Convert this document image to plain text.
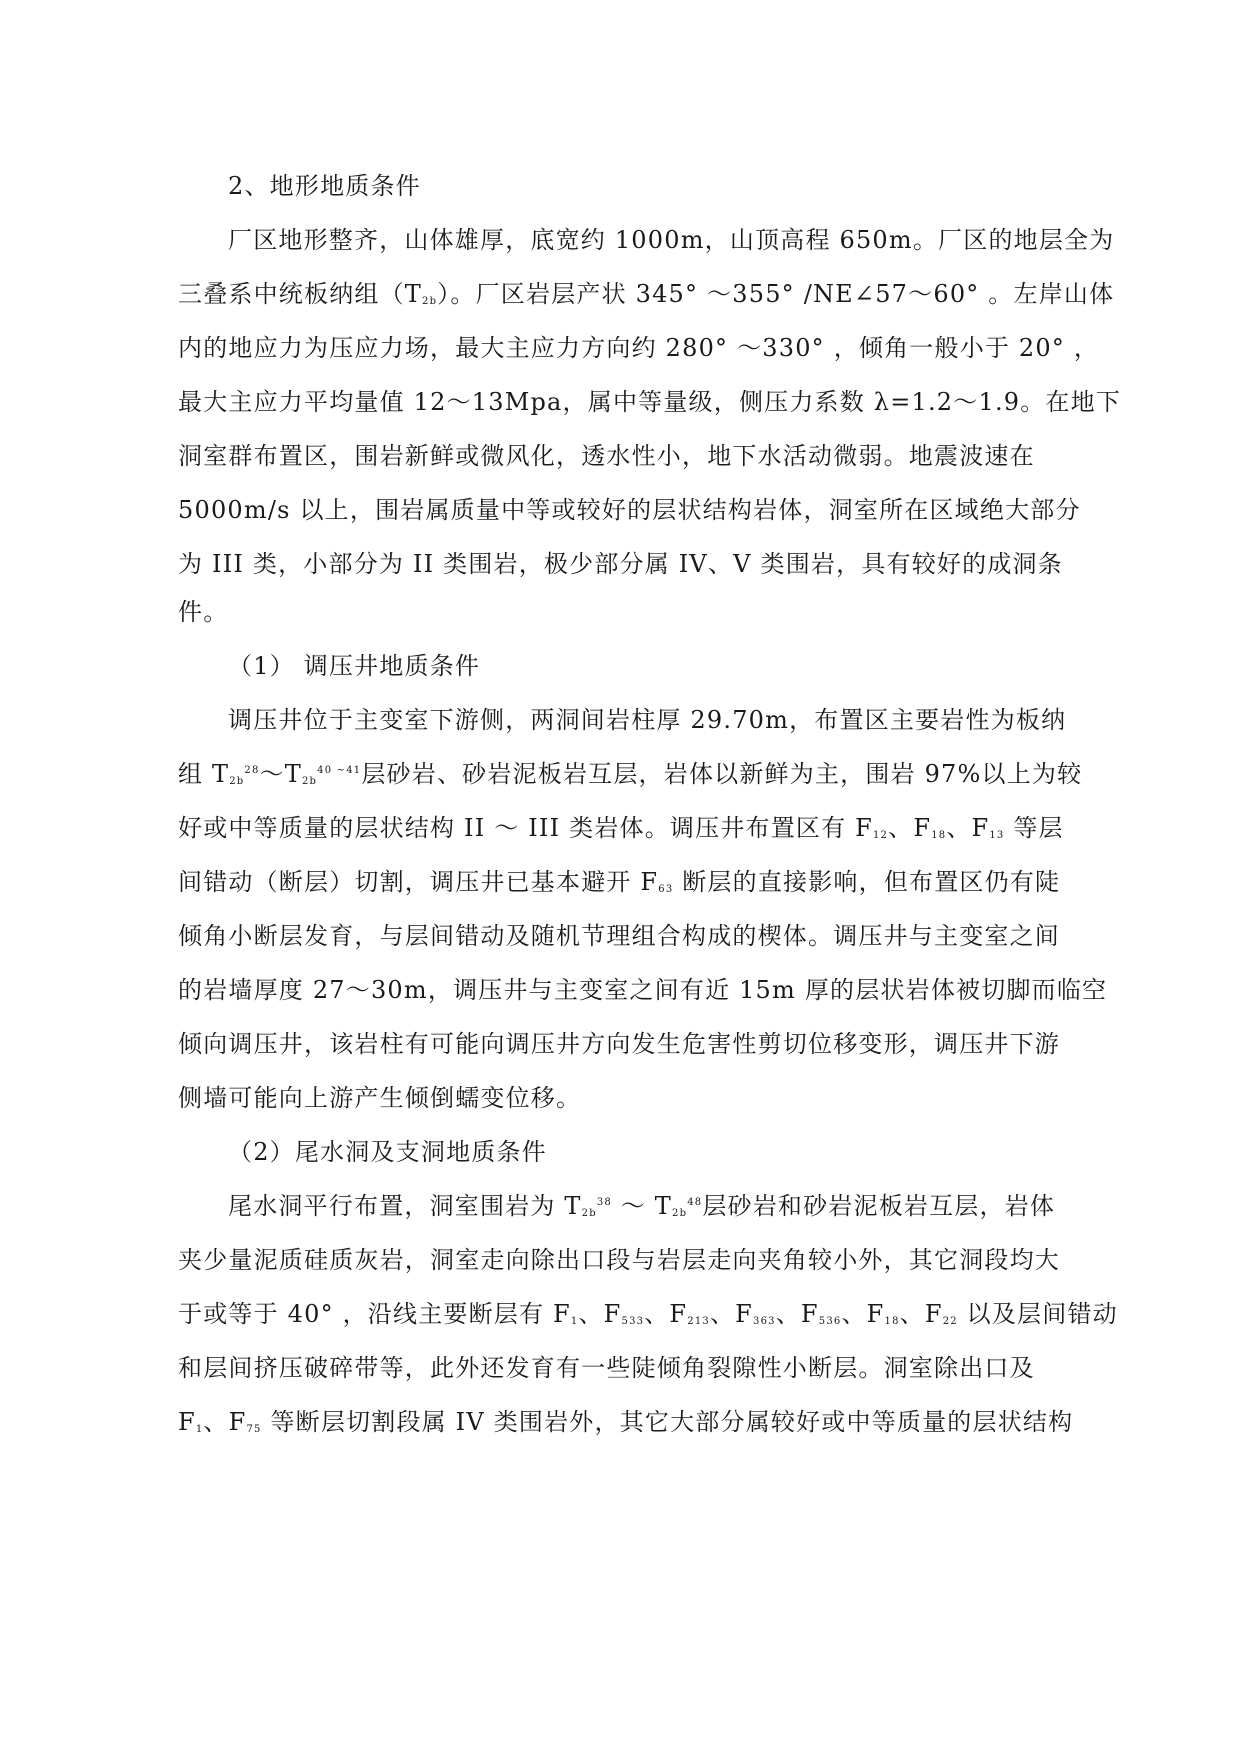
2、地形地质条件
厂区地形整齐，山体雄厚，底宽约 1000m，山顶高程 650m。厂区的地层全为
三叠系中统板纳组$(T_{2b})$。厂区岩层产状 345° ～355° /NE∠57～60° 。左岸山体
内的地应力为压应力场，最大主应力方向约 280° ～330° ，倾角一般小于 20° ，
最大主应力平均量值 12～13Mpa，属中等量级，侧压力系数 λ=1.2～1.9。在地下
洞室群布置区，围岩新鲜或微风化，透水性小，地下水活动微弱。地震波速在
5000m/s 以上，围岩属质量中等或较好的层状结构岩体，洞室所在区域绝大部分
为 III 类，小部分为 II 类围岩，极少部分属 IV、V 类围岩，具有较好的成洞条
件。
（1） 调压井地质条件
调压井位于主变室下游侧，两洞间岩柱厚 29.70m，布置区主要岩性为板纳
组 $T_{2b}^{28}\sim T_{2b}^{40 \sim 41}$层砂岩、砂岩泥板岩互层，岩体以新鲜为主，围岩 97%以上为较
好或中等质量的层状结构 II ～ III 类岩体。调压井布置区有 $F_{12}$、$F_{18}$、$F_{13}$ 等层
间错动（断层）切割，调压井已基本避开 $F_{63}$ 断层的直接影响，但布置区仍有陡
倾角小断层发育，与层间错动及随机节理组合构成的楔体。调压井与主变室之间
的岩墙厚度 27～30m，调压井与主变室之间有近 15m 厚的层状岩体被切脚而临空
倾向调压井，该岩柱有可能向调压井方向发生危害性剪切位移变形，调压井下游
侧墙可能向上游产生倾倒蠕变位移。
（2）尾水洞及支洞地质条件
尾水洞平行布置，洞室围岩为 $T_{2b}^{38}$ ～ $T_{2b}^{48}$层砂岩和砂岩泥板岩互层，岩体
夹少量泥质硅质灰岩，洞室走向除出口段与岩层走向夹角较小外，其它洞段均大
于或等于 40° ，沿线主要断层有 $F_1$、$F_{533}$、$F_{213}$、$F_{363}$、$F_{536}$、$F_{18}$、$F_{22}$ 以及层间错动
和层间挤压破碎带等，此外还发育有一些陡倾角裂隙性小断层。洞室除出口及
$F_1$、$F_{75}$ 等断层切割段属 IV 类围岩外，其它大部分属较好或中等质量的层状结构
